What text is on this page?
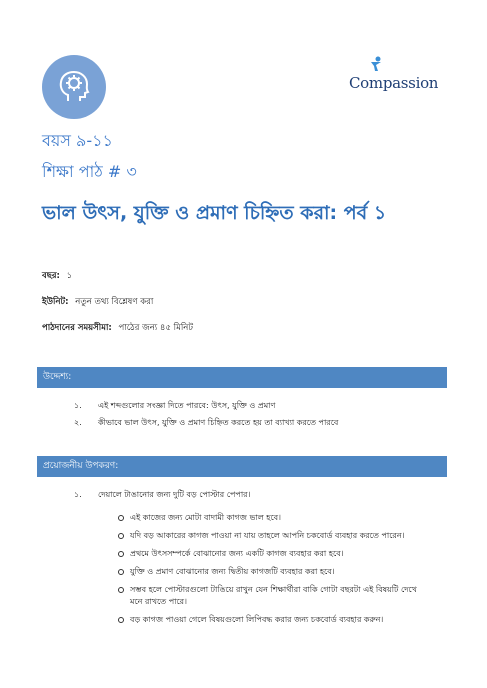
Compassion
বয়স ৯-১১
শিক্ষা পাঠ # ৩
ভাল উৎস, যুক্তি ও প্রমাণ চিহ্নিত করা: পর্ব ১
বছর: ১
ইউনিট: নতুন তথ্য বিশ্লেষণ করা
পাঠদানের সময়সীমা: পাঠের জন্য ৪৫ মিনিট
উদ্দেশ্য:
১. এই শব্দগুলোর সংজ্ঞা দিতে পারবে: উৎস, যুক্তি ও প্রমাণ
২. কীভাবে ভাল উৎস, যুক্তি ও প্রমাণ চিহ্নিত করতে হয় তা ব্যাখ্যা করতে পারবে
প্রয়োজনীয় উপকরণ:
১. দেয়ালে টাঙানোর জন্য দুটি বড় পোস্টার পেপার।
এই কাজের জন্য মোটা বাদামী কাগজ ভাল হবে।
যদি বড় আকারের কাগজ পাওয়া না যায় তাহলে আপনি চকবোর্ড ব্যবহার করতে পারেন।
প্রথমে উৎসসম্পর্কে বোঝানোর জন্য একটি কাগজ ব্যবহার করা হবে।
যুক্তি ও প্রমাণ বোঝানোর জন্য দ্বিতীয় কাগজটি ব্যবহার করা হবে।
সম্ভব হলে পোস্টারগুলো টাঙিয়ে রাখুন যেন শিক্ষার্থীরা বাকি গোটা বছরটা এই বিষয়টি দেখে মনে রাখতে পারে।
বড় কাগজ পাওয়া গেলে বিষয়গুলো লিপিবদ্ধ করার জন্য চকবোর্ড ব্যবহার করুন।
